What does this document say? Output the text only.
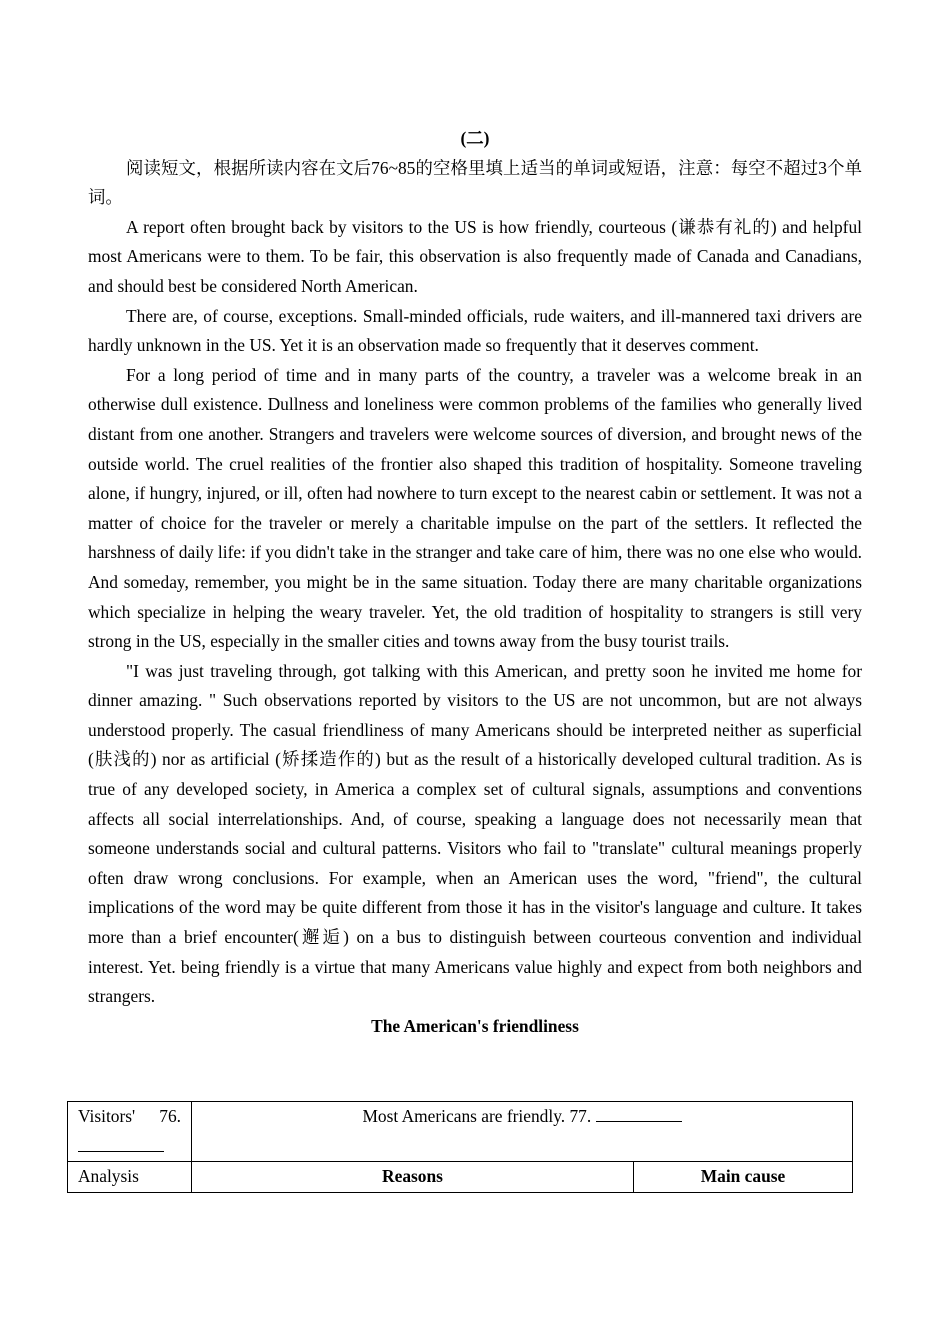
(二)

阅读短文，根据所读内容在文后76~85的空格里填上适当的单词或短语，注意：每空不超过3个单词。

A report often brought back by visitors to the US is how friendly, courteous (谦恭有礼的) and helpful most Americans were to them. To be fair, this observation is also frequently made of Canada and Canadians, and should best be considered North American.

There are, of course, exceptions. Small-minded officials, rude waiters, and ill-mannered taxi drivers are hardly unknown in the US. Yet it is an observation made so frequently that it deserves comment.

For a long period of time and in many parts of the country, a traveler was a welcome break in an otherwise dull existence. Dullness and loneliness were common problems of the families who generally lived distant from one another. Strangers and travelers were welcome sources of diversion, and brought news of the outside world. The cruel realities of the frontier also shaped this tradition of hospitality. Someone traveling alone, if hungry, injured, or ill, often had nowhere to turn except to the nearest cabin or settlement. It was not a matter of choice for the traveler or merely a charitable impulse on the part of the settlers. It reflected the harshness of daily life: if you didn't take in the stranger and take care of him, there was no one else who would. And someday, remember, you might be in the same situation. Today there are many charitable organizations which specialize in helping the weary traveler. Yet, the old tradition of hospitality to strangers is still very strong in the US, especially in the smaller cities and towns away from the busy tourist trails.

"I was just traveling through, got talking with this American, and pretty soon he invited me home for dinner amazing. " Such observations reported by visitors to the US are not uncommon, but are not always understood properly. The casual friendliness of many Americans should be interpreted neither as superficial (肤浅的) nor as artificial (矫揉造作的) but as the result of a historically developed cultural tradition. As is true of any developed society, in America a complex set of cultural signals, assumptions and conventions affects all social interrelationships. And, of course, speaking a language does not necessarily mean that someone understands social and cultural patterns. Visitors who fail to "translate" cultural meanings properly often draw wrong conclusions. For example, when an American uses the word, "friend", the cultural implications of the word may be quite different from those it has in the visitor's language and culture. It takes more than a brief encounter(邂逅) on a bus to distinguish between courteous convention and individual interest. Yet. being friendly is a virtue that many Americans value highly and expect from both neighbors and strangers.

The American's friendliness
Visitors' 76.	Most Americans are friendly. 77.	
Analysis	Reasons	Main cause
